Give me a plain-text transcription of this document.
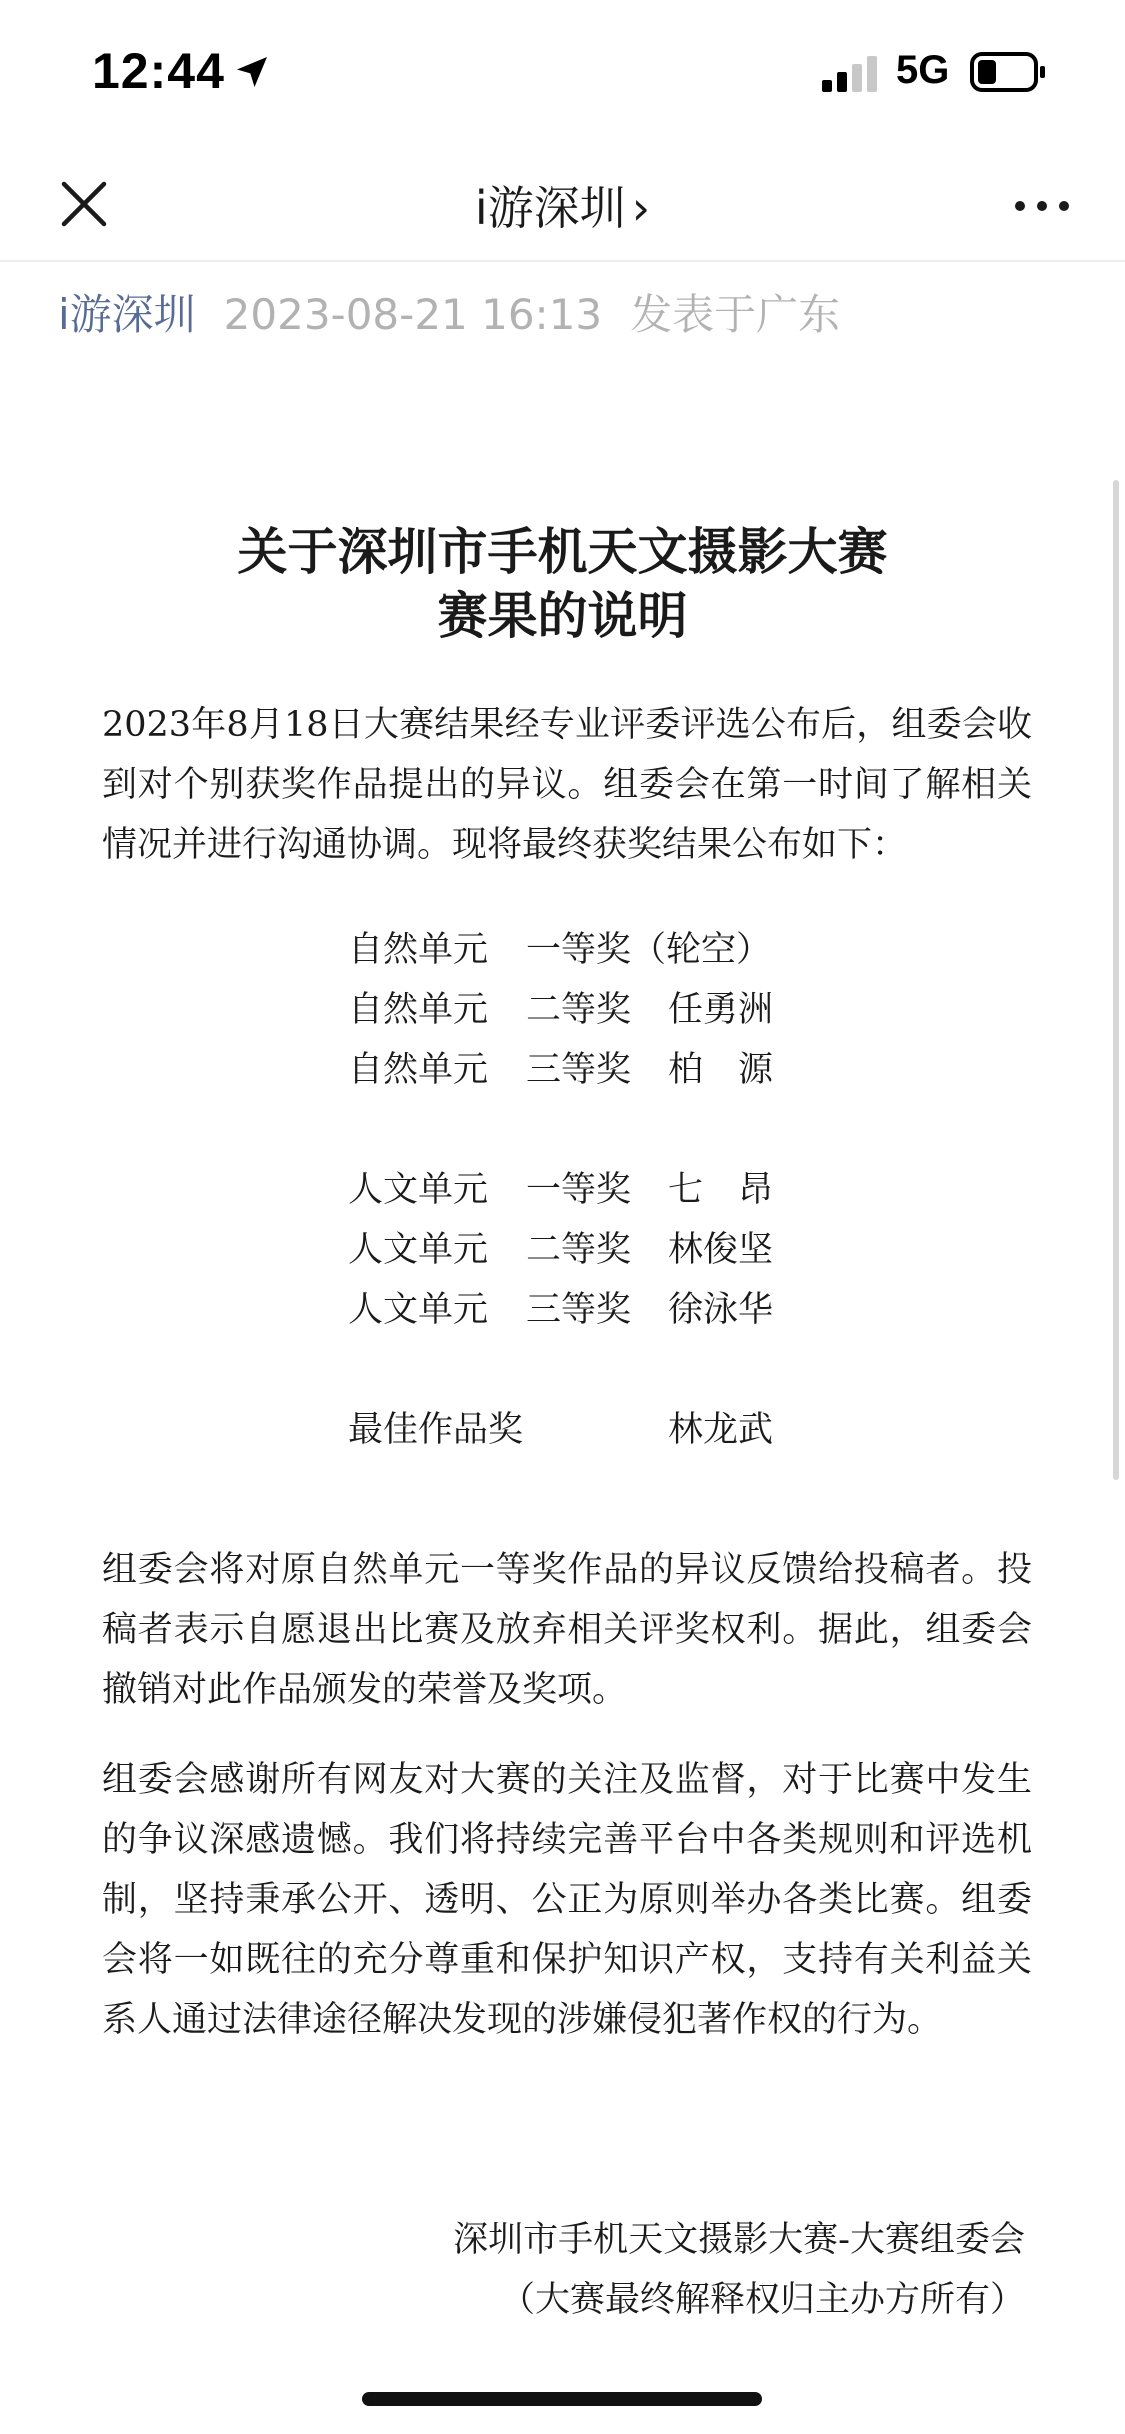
12:44	5G
i游深圳 ›
i游深圳 2023-08-21 16:13 发表于广东
关于深圳市手机天文摄影大赛
赛果的说明
2023年8月18日大赛结果经专业评委评选公布后，组委会收到对个别获奖作品提出的异议。组委会在第一时间了解相关情况并进行沟通协调。现将最终获奖结果公布如下：
自然单元 一等奖（轮空）
自然单元 二等奖 任勇洲
自然单元 三等奖 柏　源
人文单元 一等奖 七　昂
人文单元 二等奖 林俊坚
人文单元 三等奖 徐泳华
最佳作品奖	林龙武
组委会将对原自然单元一等奖作品的异议反馈给投稿者。投稿者表示自愿退出比赛及放弃相关评奖权利。据此，组委会撤销对此作品颁发的荣誉及奖项。
组委会感谢所有网友对大赛的关注及监督，对于比赛中发生的争议深感遗憾。我们将持续完善平台中各类规则和评选机制，坚持秉承公开、透明、公正为原则举办各类比赛。组委会将一如既往的充分尊重和保护知识产权，支持有关利益关系人通过法律途径解决发现的涉嫌侵犯著作权的行为。
深圳市手机天文摄影大赛-大赛组委会
（大赛最终解释权归主办方所有）
